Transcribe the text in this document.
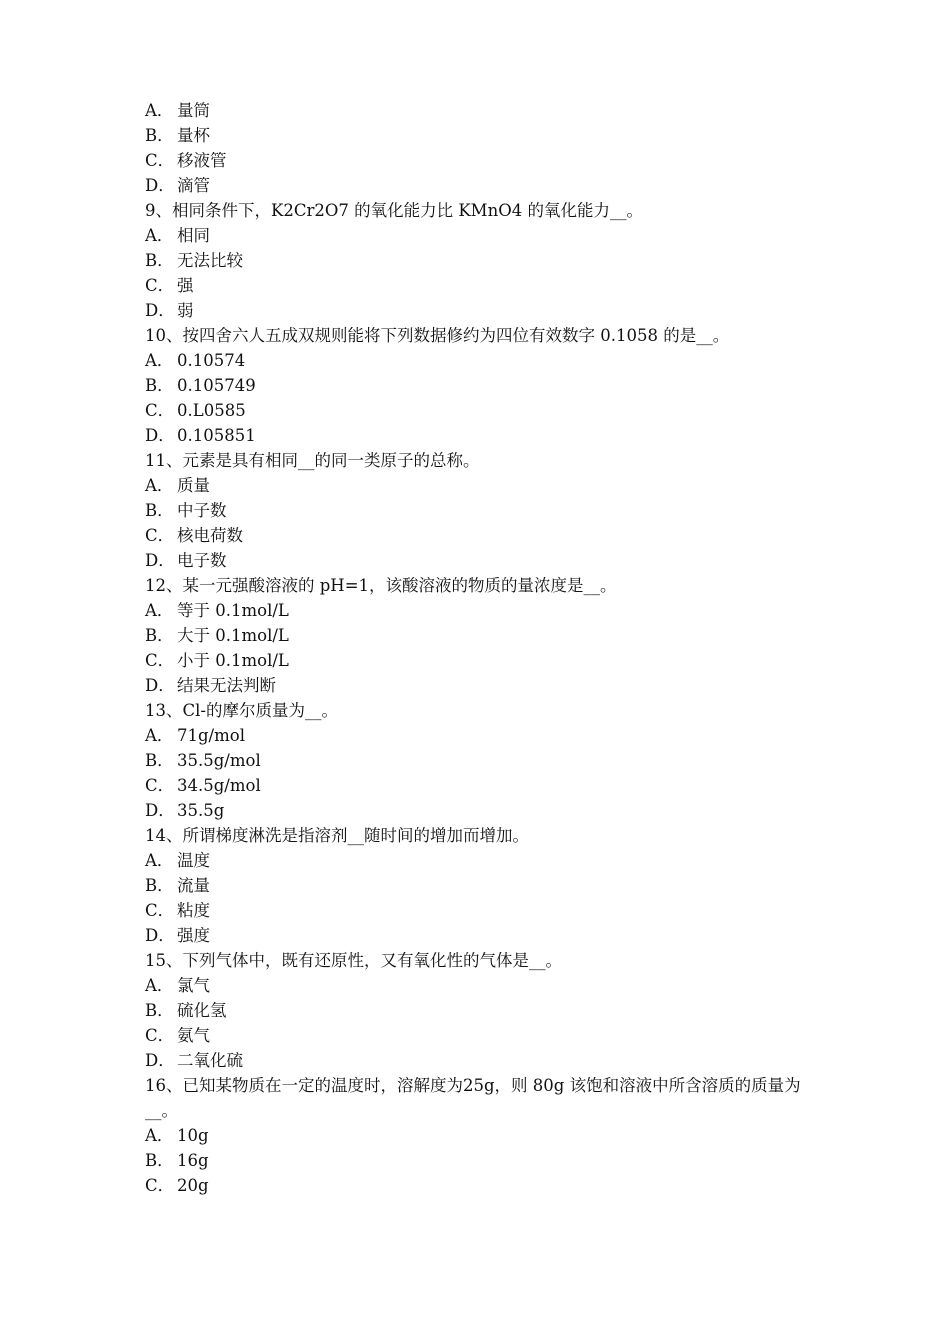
A． 量筒
B． 量杯
C． 移液管
D． 滴管
9、相同条件下，K2Cr2O7 的氧化能力比 KMnO4 的氧化能力__。
A． 相同
B． 无法比较
C． 强
D． 弱
10、按四舍六人五成双规则能将下列数据修约为四位有效数字 0.1058 的是__。
A． 0.10574
B． 0.105749
C． 0.L0585
D． 0.105851
11、元素是具有相同__的同一类原子的总称。
A． 质量
B． 中子数
C． 核电荷数
D． 电子数
12、某一元强酸溶液的 pH=1，该酸溶液的物质的量浓度是__。
A． 等于 0.1mol/L
B． 大于 0.1mol/L
C． 小于 0.1mol/L
D． 结果无法判断
13、Cl-的摩尔质量为__。
A． 71g/mol
B． 35.5g/mol
C． 34.5g/mol
D． 35.5g
14、所谓梯度淋洗是指溶剂__随时间的增加而增加。
A． 温度
B． 流量
C． 粘度
D． 强度
15、下列气体中，既有还原性，又有氧化性的气体是__。
A． 氯气
B． 硫化氢
C． 氨气
D． 二氧化硫
16、已知某物质在一定的温度时，溶解度为25g，则 80g 该饱和溶液中所含溶质的质量为__。
A． 10g
B． 16g
C． 20g
